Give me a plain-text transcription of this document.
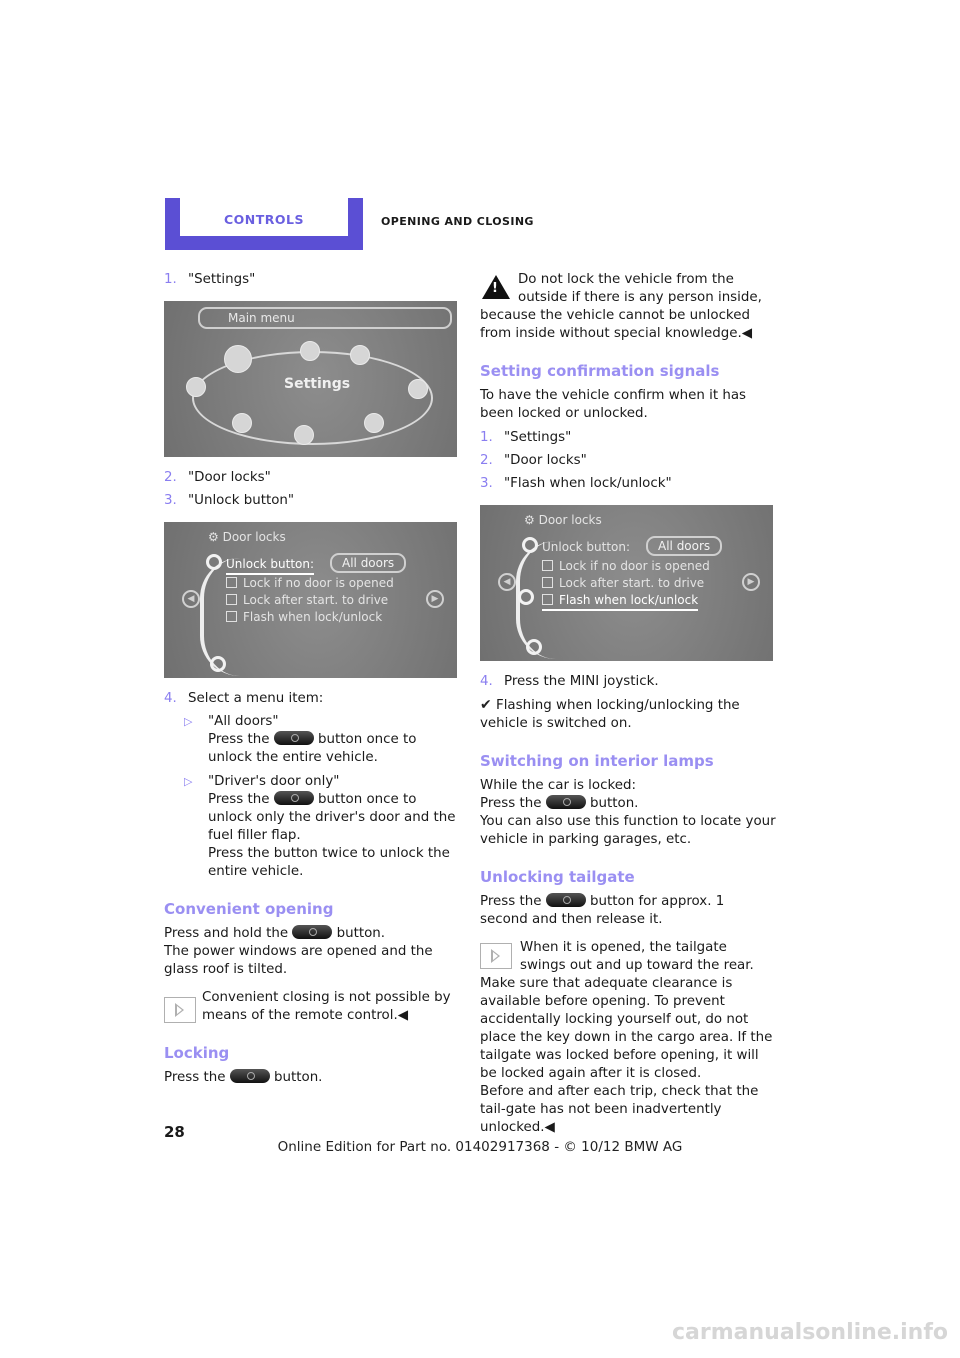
CONTROLS	OPENING AND CLOSING
1. "Settings"
Main menu
Settings
2. "Door locks"
3. "Unlock button"
⚙ Door locks
Unlock button:	All doors
Lock if no door is opened
Lock after start. to drive
Flash when lock/unlock
◀	▶
4. Select a menu item:
▷	"All doors"
Press the	button once to unlock the entire vehicle.
▷	"Driver's door only"
Press the	button once to unlock only the driver's door and the fuel filler flap.
Press the button twice to unlock the entire vehicle.
Convenient opening

Press and hold the	button.
The power windows are opened and the glass roof is tilted.

Convenient closing is not possible by means of the remote control.◀
Locking

Press the	button.

!
Do not lock the vehicle from the outside if there is any person inside, because the vehicle cannot be unlocked from inside without special knowledge.◀
Setting confirmation signals

To have the vehicle confirm when it has been locked or unlocked.

1. "Settings"
2. "Door locks"
3. "Flash when lock/unlock"
⚙ Door locks
Unlock button:	All doors
Lock if no door is opened
Lock after start. to drive
Flash when lock/unlock
◀	▶
4. Press the MINI joystick.

✔ Flashing when locking/unlocking the vehicle is switched on.

Switching on interior lamps

While the car is locked:
Press the	button.
You can also use this function to locate your vehicle in parking garages, etc.

Unlocking tailgate

Press the	button for approx. 1 second and then release it.

When it is opened, the tailgate swings out and up toward the rear. Make sure that adequate clearance is available before opening. To prevent accidentally locking yourself out, do not place the key down in the cargo area. If the tailgate was locked before opening, it will be locked again after it is closed.
Before and after each trip, check that the tail-gate has not been inadvertently unlocked.◀
28
Online Edition for Part no. 01402917368 - © 10/12 BMW AG
carmanualsonline.info
